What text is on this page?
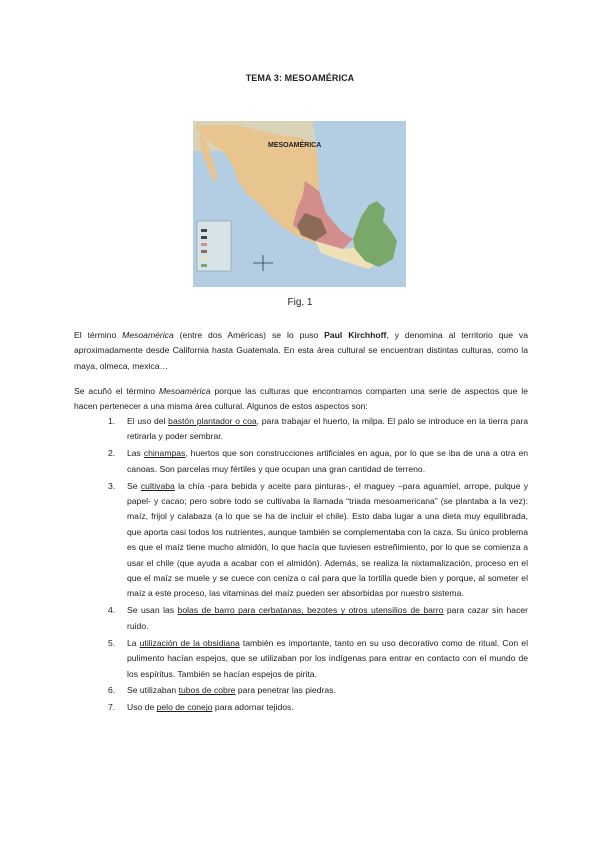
TEMA 3: MESOAMÉRICA
MESOAMÉRICA
Fig. 1

El término Mesoamérica (entre dos Américas) se lo puso Paul Kirchhoff, y denomina al territorio que va aproximadamente desde California hasta Guatemala. En esta área cultural se encuentran distintas culturas, como la maya, olmeca, mexica…

Se acuñó el término Mesoamérica porque las culturas que encontramos comparten una serie de aspectos que le hacen pertenecer a una misma área cultural. Algunos de estos aspectos son:

1. El uso del bastón plantador o coa, para trabajar el huerto, la milpa. El palo se introduce en la tierra para retirarla y poder sembrar.
2. Las chinampas, huertos que son construcciones artificiales en agua, por lo que se iba de una a otra en canoas. Son parcelas muy fértiles y que ocupan una gran cantidad de terreno.
3. Se cultivaba la chía -para bebida y aceite para pinturas-, el maguey –para aguamiel, arrope, pulque y papel- y cacao; pero sobre todo se cultivaba la llamada “triada mesoamericana” (se plantaba a la vez): maíz, frijol y calabaza (a lo que se ha de incluir el chile). Esto daba lugar a una dieta muy equilibrada, que aporta casi todos los nutrientes, aunque también se complementaba con la caza. Su único problema es que el maíz tiene mucho almidón, lo que hacía que tuviesen estreñimiento, por lo que se comienza a usar el chile (que ayuda a acabar con el almidón). Además, se realiza la nixtamalización, proceso en el que el maíz se muele y se cuece con ceniza o cal para que la tortilla quede bien y porque, al someter el maíz a este proceso, las vitaminas del maíz pueden ser absorbidas por nuestro sistema.
4. Se usan las bolas de barro para cerbatanas, bezotes y otros utensilios de barro para cazar sin hacer ruido.
5. La utilización de la obsidiana también es importante, tanto en su uso decorativo como de ritual. Con el pulimento hacían espejos, que se utilizaban por los indígenas para entrar en contacto con el mundo de los espíritus. También se hacían espejos de pirita.
6. Se utilizaban tubos de cobre para penetrar las piedras.
7. Uso de pelo de conejo para adornar tejidos.
